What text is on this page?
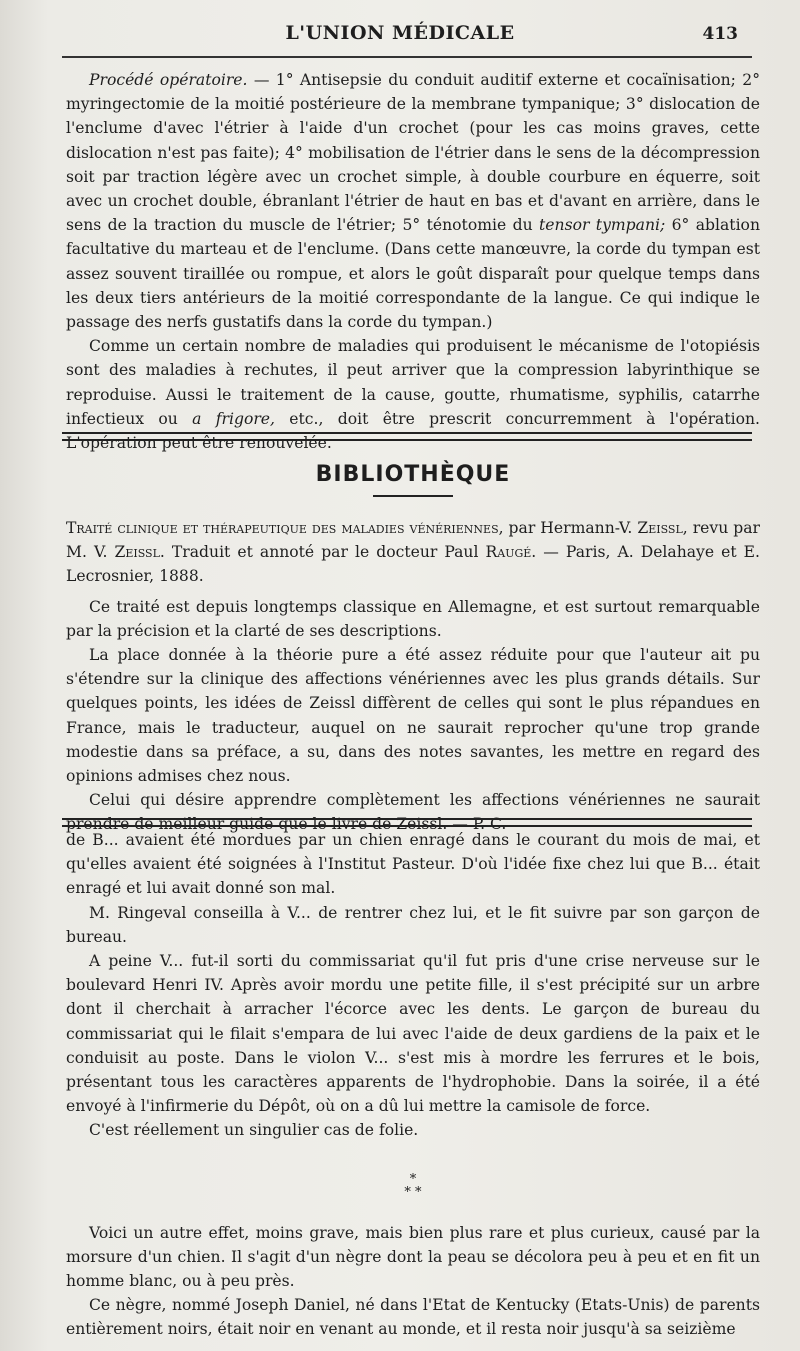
L'UNION MÉDICALE	413

Procédé opératoire. — 1° Antisepsie du conduit auditif externe et cocaïnisation; 2° myringectomie de la moitié postérieure de la membrane tympanique; 3° dislocation de l'enclume d'avec l'étrier à l'aide d'un crochet (pour les cas moins graves, cette dislocation n'est pas faite); 4° mobilisation de l'étrier dans le sens de la décompression soit par traction légère avec un crochet simple, à double courbure en équerre, soit avec un crochet double, ébranlant l'étrier de haut en bas et d'avant en arrière, dans le sens de la traction du muscle de l'étrier; 5° ténotomie du tensor tympani; 6° ablation facultative du marteau et de l'enclume. (Dans cette manœuvre, la corde du tympan est assez souvent tiraillée ou rompue, et alors le goût disparaît pour quelque temps dans les deux tiers antérieurs de la moitié correspondante de la langue. Ce qui indique le passage des nerfs gustatifs dans la corde du tympan.)

Comme un certain nombre de maladies qui produisent le mécanisme de l'otopiésis sont des maladies à rechutes, il peut arriver que la compression labyrinthique se reproduise. Aussi le traitement de la cause, goutte, rhumatisme, syphilis, catarrhe infectieux ou a frigore, etc., doit être prescrit concurremment à l'opération. L'opération peut être renouvelée.

BIBLIOTHÈQUE

Traité clinique et thérapeutique des maladies vénériennes, par Hermann-V. Zeissl, revu par M. V. Zeissl. Traduit et annoté par le docteur Paul Raugé. — Paris, A. Delahaye et E. Lecrosnier, 1888.

Ce traité est depuis longtemps classique en Allemagne, et est surtout remarquable par la précision et la clarté de ses descriptions.

La place donnée à la théorie pure a été assez réduite pour que l'auteur ait pu s'étendre sur la clinique des affections vénériennes avec les plus grands détails. Sur quelques points, les idées de Zeissl diffèrent de celles qui sont le plus répandues en France, mais le traducteur, auquel on ne saurait reprocher qu'une trop grande modestie dans sa préface, a su, dans des notes savantes, les mettre en regard des opinions admises chez nous.

Celui qui désire apprendre complètement les affections vénériennes ne saurait prendre de meilleur guide que le livre de Zeissl. — P. C.

de B... avaient été mordues par un chien enragé dans le courant du mois de mai, et qu'elles avaient été soignées à l'Institut Pasteur. D'où l'idée fixe chez lui que B... était enragé et lui avait donné son mal.

M. Ringeval conseilla à V... de rentrer chez lui, et le fit suivre par son garçon de bureau.

A peine V... fut-il sorti du commissariat qu'il fut pris d'une crise nerveuse sur le boulevard Henri IV. Après avoir mordu une petite fille, il s'est précipité sur un arbre dont il cherchait à arracher l'écorce avec les dents. Le garçon de bureau du commissariat qui le filait s'empara de lui avec l'aide de deux gardiens de la paix et le conduisit au poste. Dans le violon V... s'est mis à mordre les ferrures et le bois, présentant tous les caractères apparents de l'hydrophobie. Dans la soirée, il a été envoyé à l'infirmerie du Dépôt, où on a dû lui mettre la camisole de force.

C'est réellement un singulier cas de folie.

*
* *

Voici un autre effet, moins grave, mais bien plus rare et plus curieux, causé par la morsure d'un chien. Il s'agit d'un nègre dont la peau se décolora peu à peu et en fit un homme blanc, ou à peu près.

Ce nègre, nommé Joseph Daniel, né dans l'Etat de Kentucky (Etats-Unis) de parents entièrement noirs, était noir en venant au monde, et il resta noir jusqu'à sa seizième
